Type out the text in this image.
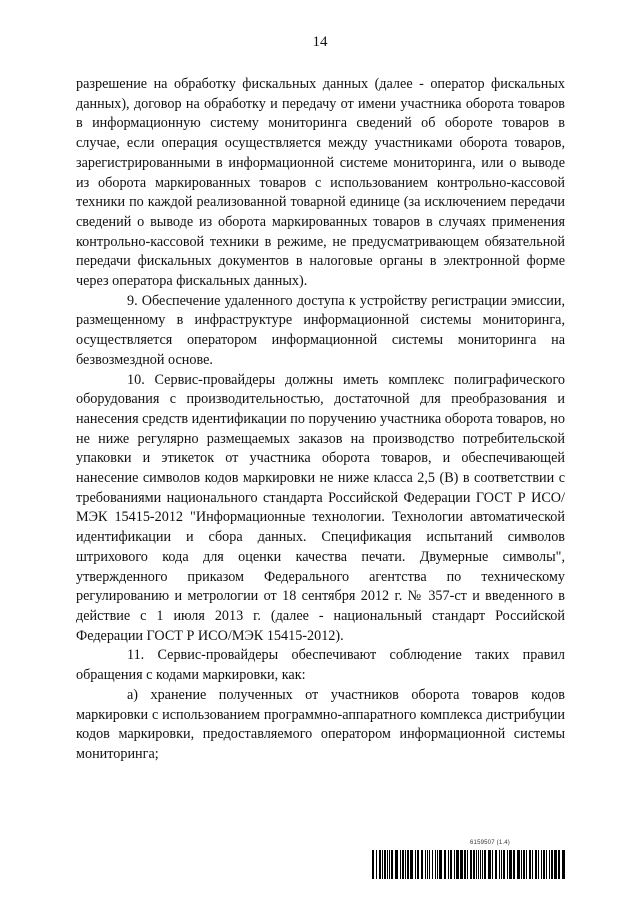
14

разрешение на обработку фискальных данных (далее - оператор фискальных данных), договор на обработку и передачу от имени участника оборота товаров в информационную систему мониторинга сведений об обороте товаров в случае, если операция осуществляется между участниками оборота товаров, зарегистрированными в информационной системе мониторинга, или о выводе из оборота маркированных товаров с использованием контрольно-кассовой техники по каждой реализованной товарной единице (за исключением передачи сведений о выводе из оборота маркированных товаров в случаях применения контрольно-кассовой техники в режиме, не предусматривающем обязательной передачи фискальных документов в налоговые органы в электронной форме через оператора фискальных данных).

9. Обеспечение удаленного доступа к устройству регистрации эмиссии, размещенному в инфраструктуре информационной системы мониторинга, осуществляется оператором информационной системы мониторинга на безвозмездной основе.

10. Сервис-провайдеры должны иметь комплекс полиграфического оборудования с производительностью, достаточной для преобразования и нанесения средств идентификации по поручению участника оборота товаров, но не ниже регулярно размещаемых заказов на производство потребительской упаковки и этикеток от участника оборота товаров, и обеспечивающей нанесение символов кодов маркировки не ниже класса 2,5 (B) в соответствии с требованиями национального стандарта Российской Федерации ГОСТ Р ИСО/МЭК 15415-2012 "Информационные технологии. Технологии автоматической идентификации и сбора данных. Спецификация испытаний символов штрихового кода для оценки качества печати. Двумерные символы", утвержденного приказом Федерального агентства по техническому регулированию и метрологии от 18 сентября 2012 г. № 357-ст и введенного в действие с 1 июля 2013 г. (далее - национальный стандарт Российской Федерации ГОСТ Р ИСО/МЭК 15415-2012).

11. Сервис-провайдеры обеспечивают соблюдение таких правил обращения с кодами маркировки, как:

а) хранение полученных от участников оборота товаров кодов маркировки с использованием программно-аппаратного комплекса дистрибуции кодов маркировки, предоставляемого оператором информационной системы мониторинга;

6159507 (1.4)
